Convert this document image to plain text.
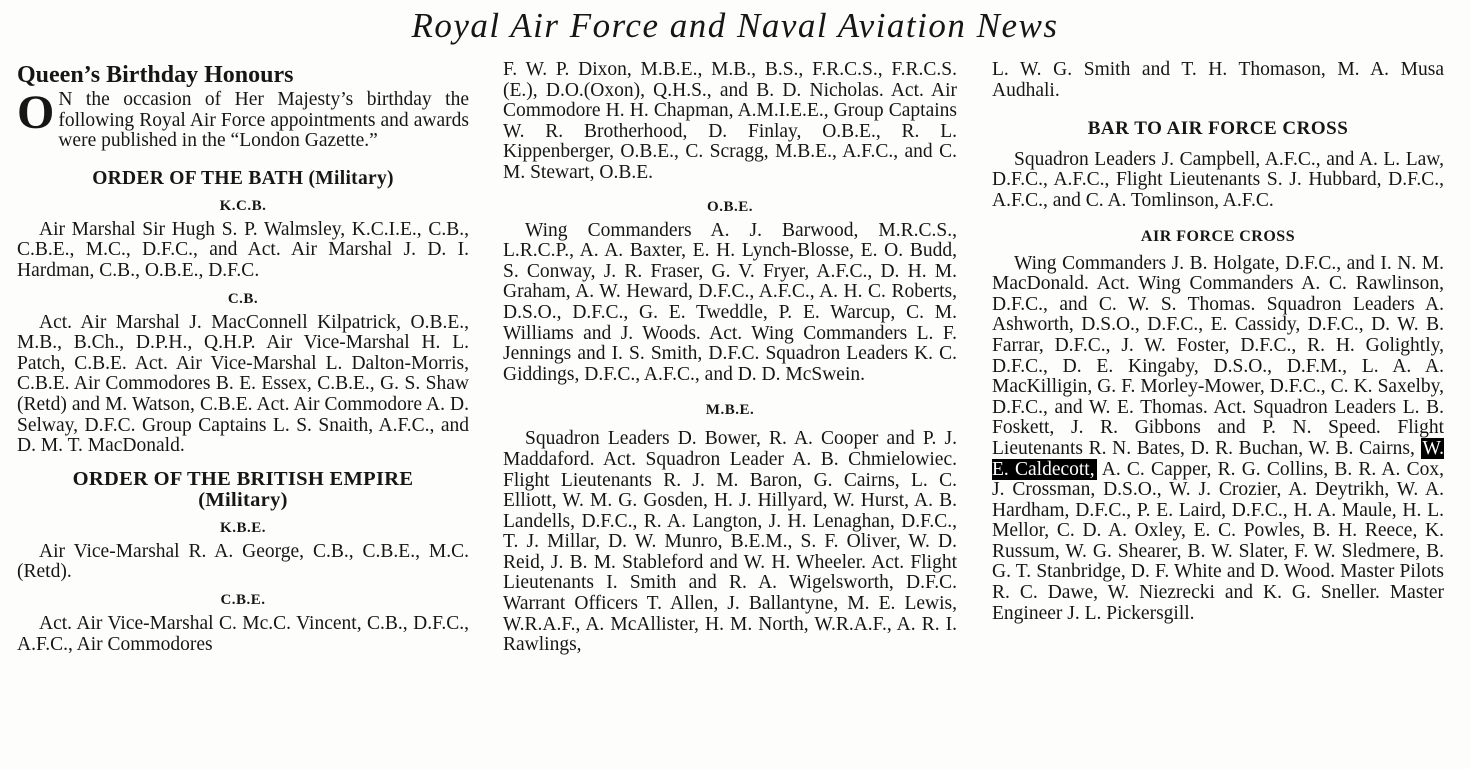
Royal Air Force and Naval Aviation News
Queen’s Birthday Honours

O N the occasion of Her Majesty’s birthday the following Royal Air Force appointments and awards were published in the “London Gazette.”

ORDER OF THE BATH (Military)
K.C.B.

Air Marshal Sir Hugh S. P. Walmsley, K.C.I.E., C.B., C.B.E., M.C., D.F.C., and Act. Air Marshal J. D. I. Hardman, C.B., O.B.E., D.F.C.

C.B.

Act. Air Marshal J. MacConnell Kilpatrick, O.B.E., M.B., B.Ch., D.P.H., Q.H.P. Air Vice-Marshal H. L. Patch, C.B.E. Act. Air Vice-Marshal L. Dalton-Morris, C.B.E. Air Commodores B. E. Essex, C.B.E., G. S. Shaw (Retd) and M. Watson, C.B.E. Act. Air Commodore A. D. Selway, D.F.C. Group Captains L. S. Snaith, A.F.C., and D. M. T. MacDonald.

ORDER OF THE BRITISH EMPIRE
(Military)
K.B.E.

Air Vice-Marshal R. A. George, C.B., C.B.E., M.C. (Retd).

C.B.E.

Act. Air Vice-Marshal C. Mc.C. Vincent, C.B., D.F.C., A.F.C., Air Commodores

F. W. P. Dixon, M.B.E., M.B., B.S., F.R.C.S., F.R.C.S.(E.), D.O.(Oxon), Q.H.S., and B. D. Nicholas. Act. Air Commodore H. H. Chapman, A.M.I.E.E., Group Captains W. R. Brotherhood, D. Finlay, O.B.E., R. L. Kippenberger, O.B.E., C. Scragg, M.B.E., A.F.C., and C. M. Stewart, O.B.E.

O.B.E.

Wing Commanders A. J. Barwood, M.R.C.S., L.R.C.P., A. A. Baxter, E. H. Lynch-Blosse, E. O. Budd, S. Conway, J. R. Fraser, G. V. Fryer, A.F.C., D. H. M. Graham, A. W. Heward, D.F.C., A.F.C., A. H. C. Roberts, D.S.O., D.F.C., G. E. Tweddle, P. E. Warcup, C. M. Williams and J. Woods. Act. Wing Commanders L. F. Jennings and I. S. Smith, D.F.C. Squadron Leaders K. C. Giddings, D.F.C., A.F.C., and D. D. McSwein.

M.B.E.

Squadron Leaders D. Bower, R. A. Cooper and P. J. Maddaford. Act. Squadron Leader A. B. Chmielowiec. Flight Lieutenants R. J. M. Baron, G. Cairns, L. C. Elliott, W. M. G. Gosden, H. J. Hillyard, W. Hurst, A. B. Landells, D.F.C., R. A. Langton, J. H. Lenaghan, D.F.C., T. J. Millar, D. W. Munro, B.E.M., S. F. Oliver, W. D. Reid, J. B. M. Stableford and W. H. Wheeler. Act. Flight Lieutenants I. Smith and R. A. Wigelsworth, D.F.C. Warrant Officers T. Allen, J. Ballantyne, M. E. Lewis, W.R.A.F., A. McAllister, H. M. North, W.R.A.F., A. R. I. Rawlings,

L. W. G. Smith and T. H. Thomason, M. A. Musa Audhali.

BAR TO AIR FORCE CROSS

Squadron Leaders J. Campbell, A.F.C., and A. L. Law, D.F.C., A.F.C., Flight Lieutenants S. J. Hubbard, D.F.C., A.F.C., and C. A. Tomlinson, A.F.C.

AIR FORCE CROSS

Wing Commanders J. B. Holgate, D.F.C., and I. N. M. MacDonald. Act. Wing Commanders A. C. Rawlinson, D.F.C., and C. W. S. Thomas. Squadron Leaders A. Ashworth, D.S.O., D.F.C., E. Cassidy, D.F.C., D. W. B. Farrar, D.F.C., J. W. Foster, D.F.C., R. H. Golightly, D.F.C., D. E. Kingaby, D.S.O., D.F.M., L. A. A. MacKilligin, G. F. Morley-Mower, D.F.C., C. K. Saxelby, D.F.C., and W. E. Thomas. Act. Squadron Leaders L. B. Foskett, J. R. Gibbons and P. N. Speed. Flight Lieutenants R. N. Bates, D. R. Buchan, W. B. Cairns, W. E. Caldecott, A. C. Capper, R. G. Collins, B. R. A. Cox, J. Crossman, D.S.O., W. J. Crozier, A. Deytrikh, W. A. Hardham, D.F.C., P. E. Laird, D.F.C., H. A. Maule, H. L. Mellor, C. D. A. Oxley, E. C. Powles, B. H. Reece, K. Russum, W. G. Shearer, B. W. Slater, F. W. Sledmere, B. G. T. Stanbridge, D. F. White and D. Wood. Master Pilots R. C. Dawe, W. Niezrecki and K. G. Sneller. Master Engineer J. L. Pickersgill.
